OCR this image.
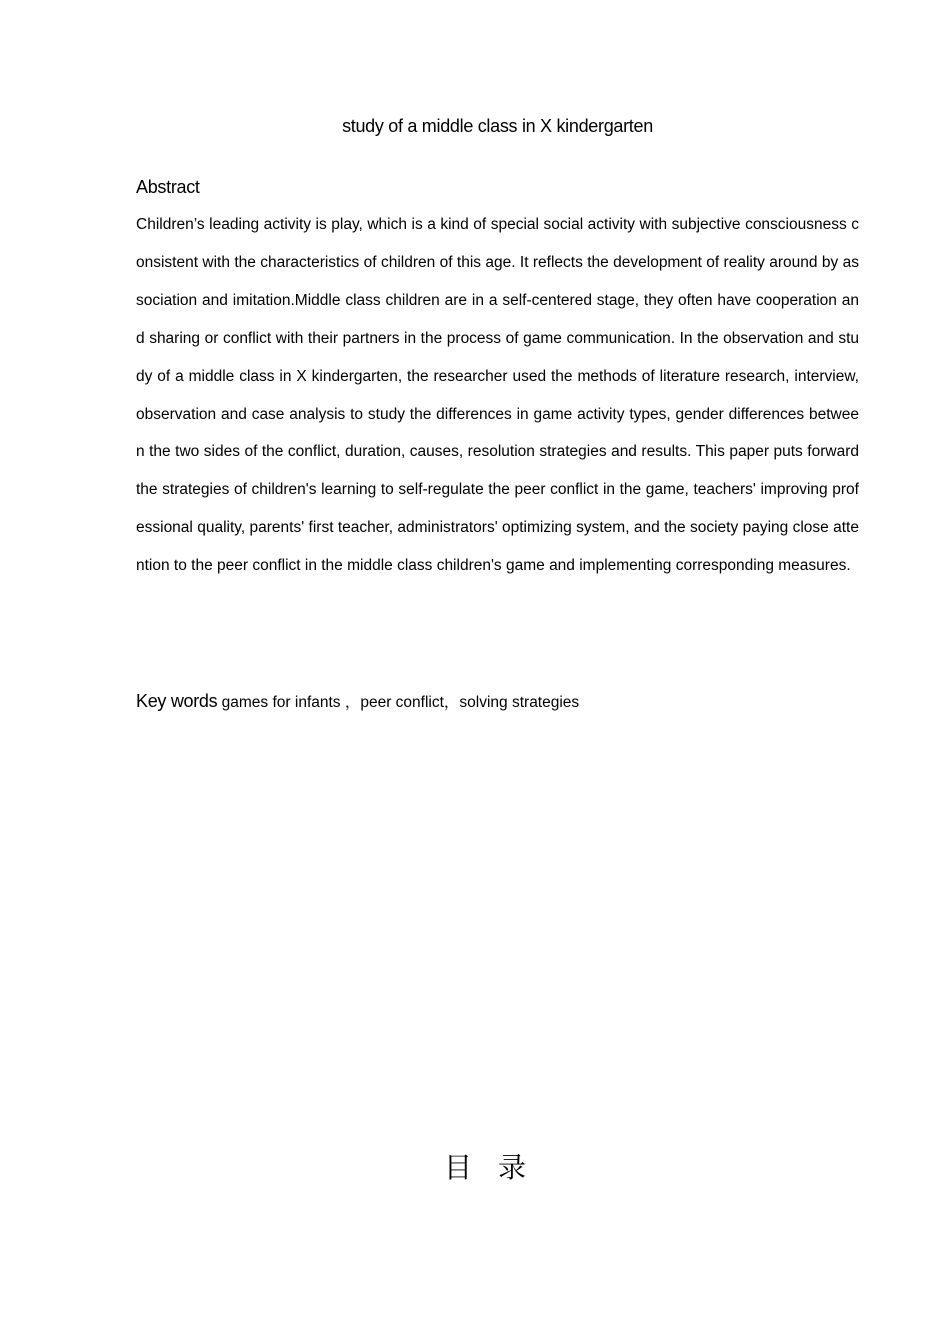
study of a middle class in X kindergarten
Abstract

Children’s leading activity is play, which is a kind of special social activity with subjective consciousness consistent with the characteristics of children of this age. It reflects the development of reality around by association and imitation.Middle class children are in a self-centered stage, they often have cooperation and sharing or conflict with their partners in the process of game communication. In the observation and study of a middle class in X kindergarten, the researcher used the methods of literature research, interview, observation and case analysis to study the differences in game activity types, gender differences between the two sides of the conflict, duration, causes, resolution strategies and results. This paper puts forward the strategies of children's learning to self-regulate the peer conflict in the game, teachers' improving professional quality, parents' first teacher, administrators' optimizing system, and the society paying close attention to the peer conflict in the middle class children's game and implementing corresponding measures.

Key words games for infants ，peer conflict，solving strategies
目录
